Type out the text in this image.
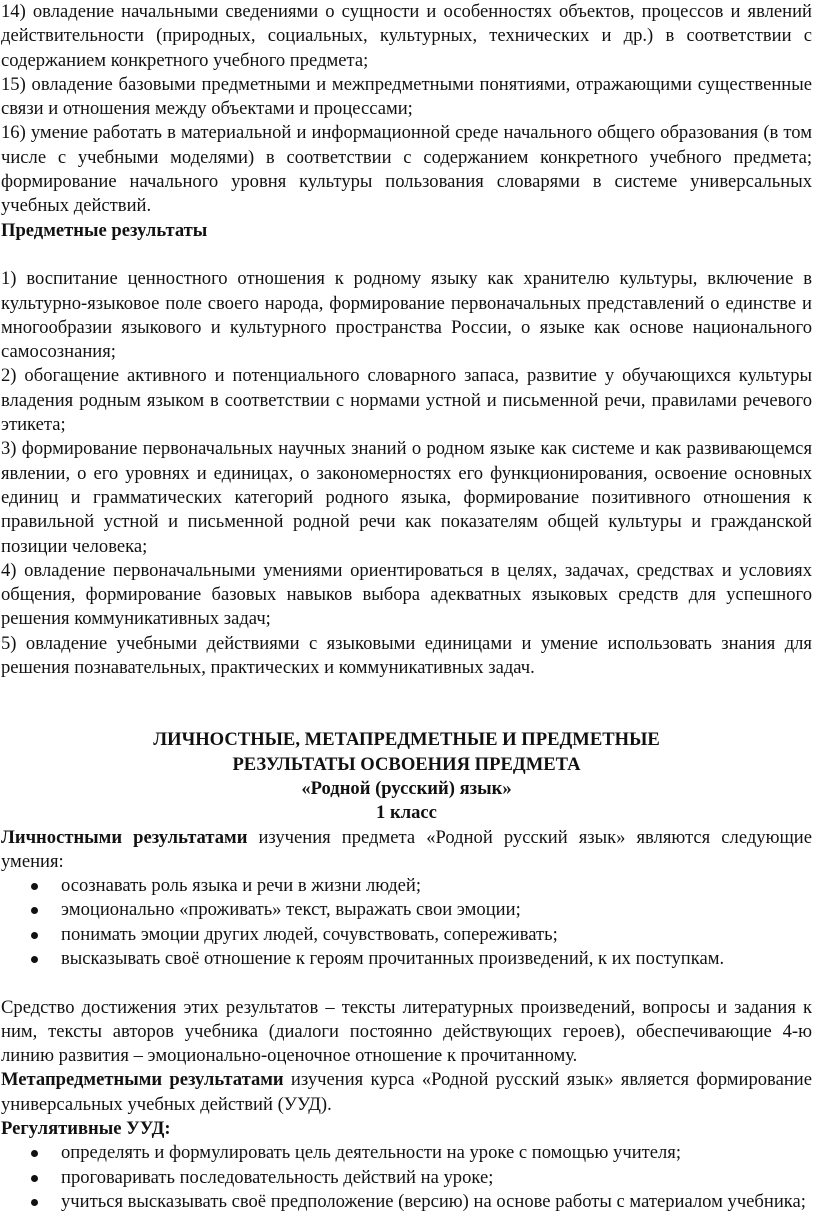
14) овладение начальными сведениями о сущности и особенностях объектов, процессов и явлений действительности (природных, социальных, культурных, технических и др.) в соответствии с содержанием конкретного учебного предмета;

15) овладение базовыми предметными и межпредметными понятиями, отражающими существенные связи и отношения между объектами и процессами;

16) умение работать в материальной и информационной среде начального общего образования (в том числе с учебными моделями) в соответствии с содержанием конкретного учебного предмета; формирование начального уровня культуры пользования словарями в системе универсальных учебных действий.

Предметные результаты

1) воспитание ценностного отношения к родному языку как хранителю культуры, включение в культурно-языковое поле своего народа, формирование первоначальных представлений о единстве и многообразии языкового и культурного пространства России, о языке как основе национального самосознания;

2) обогащение активного и потенциального словарного запаса, развитие у обучающихся культуры владения родным языком в соответствии с нормами устной и письменной речи, правилами речевого этикета;

3) формирование первоначальных научных знаний о родном языке как системе и как развивающемся явлении, о его уровнях и единицах, о закономерностях его функционирования, освоение основных единиц и грамматических категорий родного языка, формирование позитивного отношения к правильной устной и письменной родной речи как показателям общей культуры и гражданской позиции человека;

4) овладение первоначальными умениями ориентироваться в целях, задачах, средствах и условиях общения, формирование базовых навыков выбора адекватных языковых средств для успешного решения коммуникативных задач;

5) овладение учебными действиями с языковыми единицами и умение использовать знания для решения познавательных, практических и коммуникативных задач.

ЛИЧНОСТНЫЕ, МЕТАПРЕДМЕТНЫЕ И ПРЕДМЕТНЫЕ

РЕЗУЛЬТАТЫ ОСВОЕНИЯ ПРЕДМЕТА

«Родной (русский) язык»

1 класс

Личностными результатами изучения предмета «Родной русский язык» являются следующие умения:

осознавать роль языка и речи в жизни людей;
эмоционально «проживать» текст, выражать свои эмоции;
понимать эмоции других людей, сочувствовать, сопереживать;
высказывать своё отношение к героям прочитанных произведений, к их поступкам.

Средство достижения этих результатов – тексты литературных произведений, вопросы и задания к ним, тексты авторов учебника (диалоги постоянно действующих героев), обеспечивающие 4-ю линию развития – эмоционально-оценочное отношение к прочитанному.

Метапредметными результатами изучения курса «Родной русский язык» является формирование универсальных учебных действий (УУД).

Регулятивные УУД:

определять и формулировать цель деятельности на уроке с помощью учителя;
проговаривать последовательность действий на уроке;
учиться высказывать своё предположение (версию) на основе работы с материалом учебника;
